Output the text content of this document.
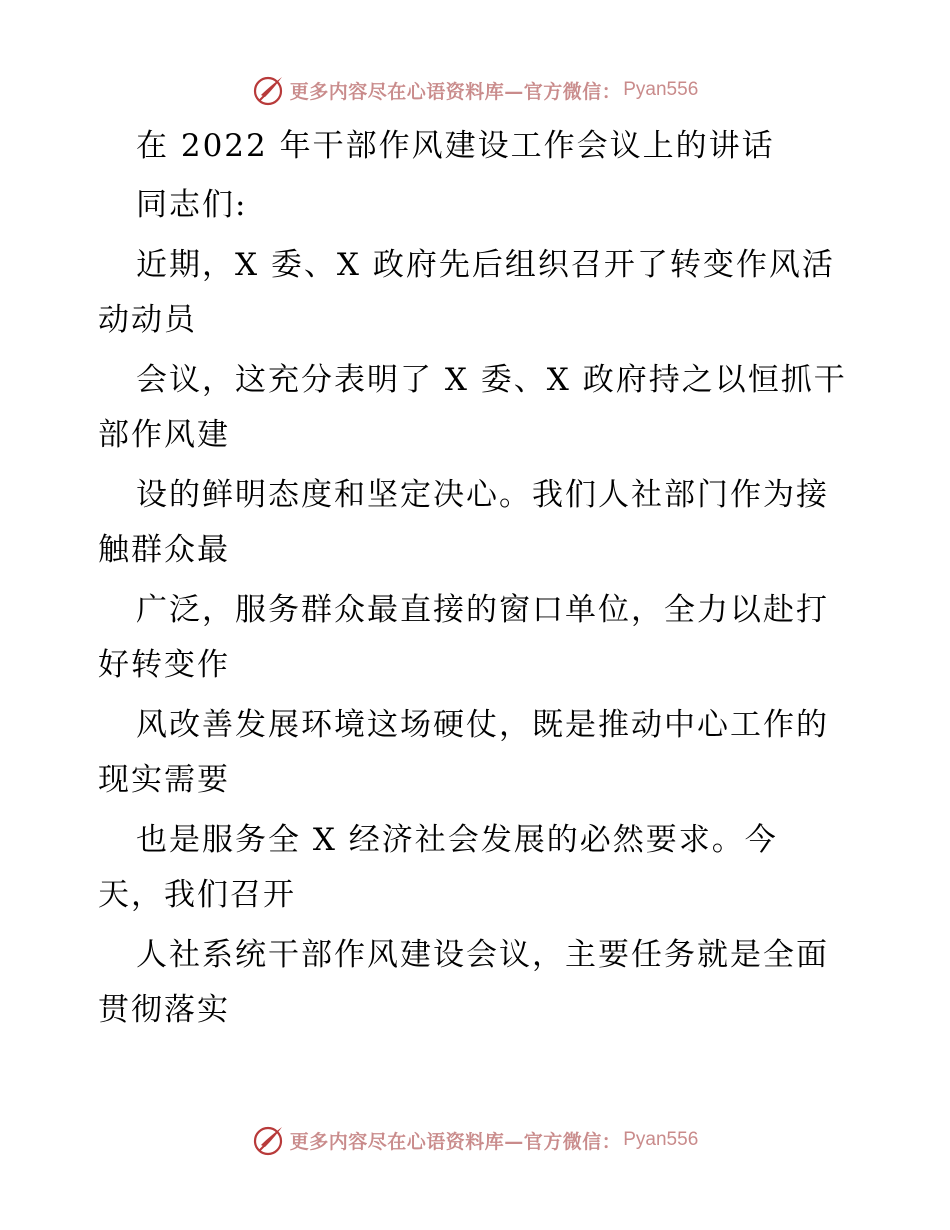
更多内容尽在心语资料库—官方微信： Pyan556
在 2022 年干部作风建设工作会议上的讲话
同志们:
近期，X 委、X 政府先后组织召开了转变作风活
动动员
会议，这充分表明了 X 委、X 政府持之以恒抓干
部作风建
设的鲜明态度和坚定决心。我们人社部门作为接
触群众最
广泛，服务群众最直接的窗口单位，全力以赴打
好转变作
风改善发展环境这场硬仗，既是推动中心工作的
现实需要
也是服务全 X 经济社会发展的必然要求。今
天，我们召开
人社系统干部作风建设会议，主要任务就是全面
贯彻落实
更多内容尽在心语资料库—官方微信： Pyan556
